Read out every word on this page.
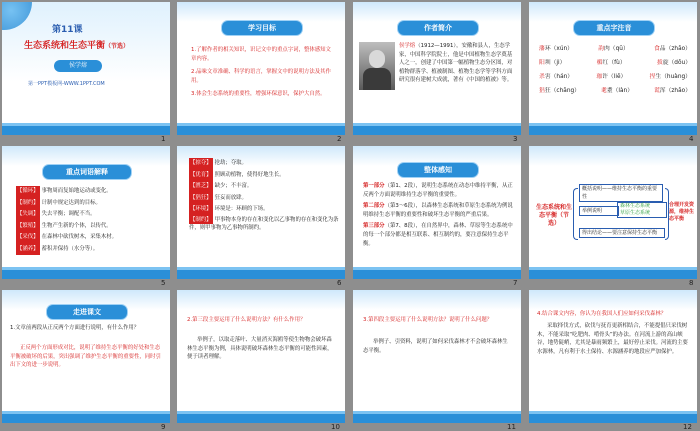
第11课
生态系统和生态平衡（节选）
侯学熔
第一PPT模板网-WWW.1PPT.COM
1
学习目标
1.了解作者的相关知识，识记文中的重点字词，整体感知文章内容。
2.品味文章准确、科学的语言，掌握文中的说明方法及其作用。
3.体会生态系统的重要性，增强环保意识，保护大自然。
2
作者简介
侯学熔（1912—1991），安徽和县人，生态学家，中国科学院院士，他是中国植物生态学奠基人之一，创建了中国第一幅植物生态分区图，对植物群落学、植被制图、植物生态学等学科方面研究很有建树大成就，著有《中国的植被》等。
3
重点字注音
藩环（xún）	韵肉（qū）	食品（zhāo）
阳圳（ji）	楣红（fù）	拔旋（dōu）
杀害（hán）	珈许（liě）	捏生（huàng）
猖狂（chāng）	耄耋（làn）	谎浑（zhāo）
4
重点词语解释
【循环】 事物周而复始地运动或变化。
【制约】 计制中规定达到的目标。
【失调】 失去平衡；调配不当。
【繁殖】 生物产生新的个体，以传代。
【采伐】 在森林中砍伐树木，采集木材。
【涵养】 蓄积并保持（水分等）。
5
【掠夺】 抢劫；夺取。
【优育】 照顾动植物，使得好地生长。
【匮乏】 缺少；不丰富。
【猖狂】 狂妄而放肆。
【环境】 环境是：环顾的下场。
【制约】 甲事物本身的存在和变化以乙事物的存在和变化为条件，则甲事物为乙事物所制约。
6
整体感知
第一部分（第1、2段），说明生态系统在动态中维持平衡，从正反两个方面说明维持生态平衡的重要性。
第二部分（第3～6段），以森林生态系统和草原生态系统为例说明维持生态平衡的重要性和破坏生态平衡的严重后果。
第三部分（第7、8段），在自然界中，森林、草原等生态系统中的每一个部分都是相互联系、相互制约的，要注意保持生态平衡。
7
生态系统和生态平衡（节选）
概括说明——维持生态平衡的重要性
举例说明
森林生态系统
草原生态系统
得出结论——要注意保持生态平衡
合理开发资源，维持生态平衡
8
走进课文
1.文章前两段从正反两个方面进行说明，有什么作用？
正反两个方面形成对比，说明了维持生态平衡的好处和生态平衡被破坏的后果，突出强调了维护生态平衡的重要性，同时引出下文的进一步说明。
9
2.第三段主要运用了什么说明方法？有什么作用？
举例子，以取走落叶、大量消灭海鸥等使生物物会破坏森林生态平衡为例，具体说明破坏森林生态平衡的可能性因素，便于读者理解。
10
3.第四段主要运用了什么说明方法？说明了什么问题？
举例子、引资料，说明了如何采伐森林才不会破坏森林生态平衡。
11
4.结合课文内容，你认为在我国人们应如何采伐森林？
采取择伐方式，砍伐与抚育更新相结合，不能提倡只采伐树木，不能采取“吃肥肉、啃骨头”的办法。在河流上游的高山峡谷，地势陡峭，尤其是暴雨频繁上，最好停止采伐。河流的主要水源林，凡有利于水土保持、水源涵养的地段应严加保护。
12
